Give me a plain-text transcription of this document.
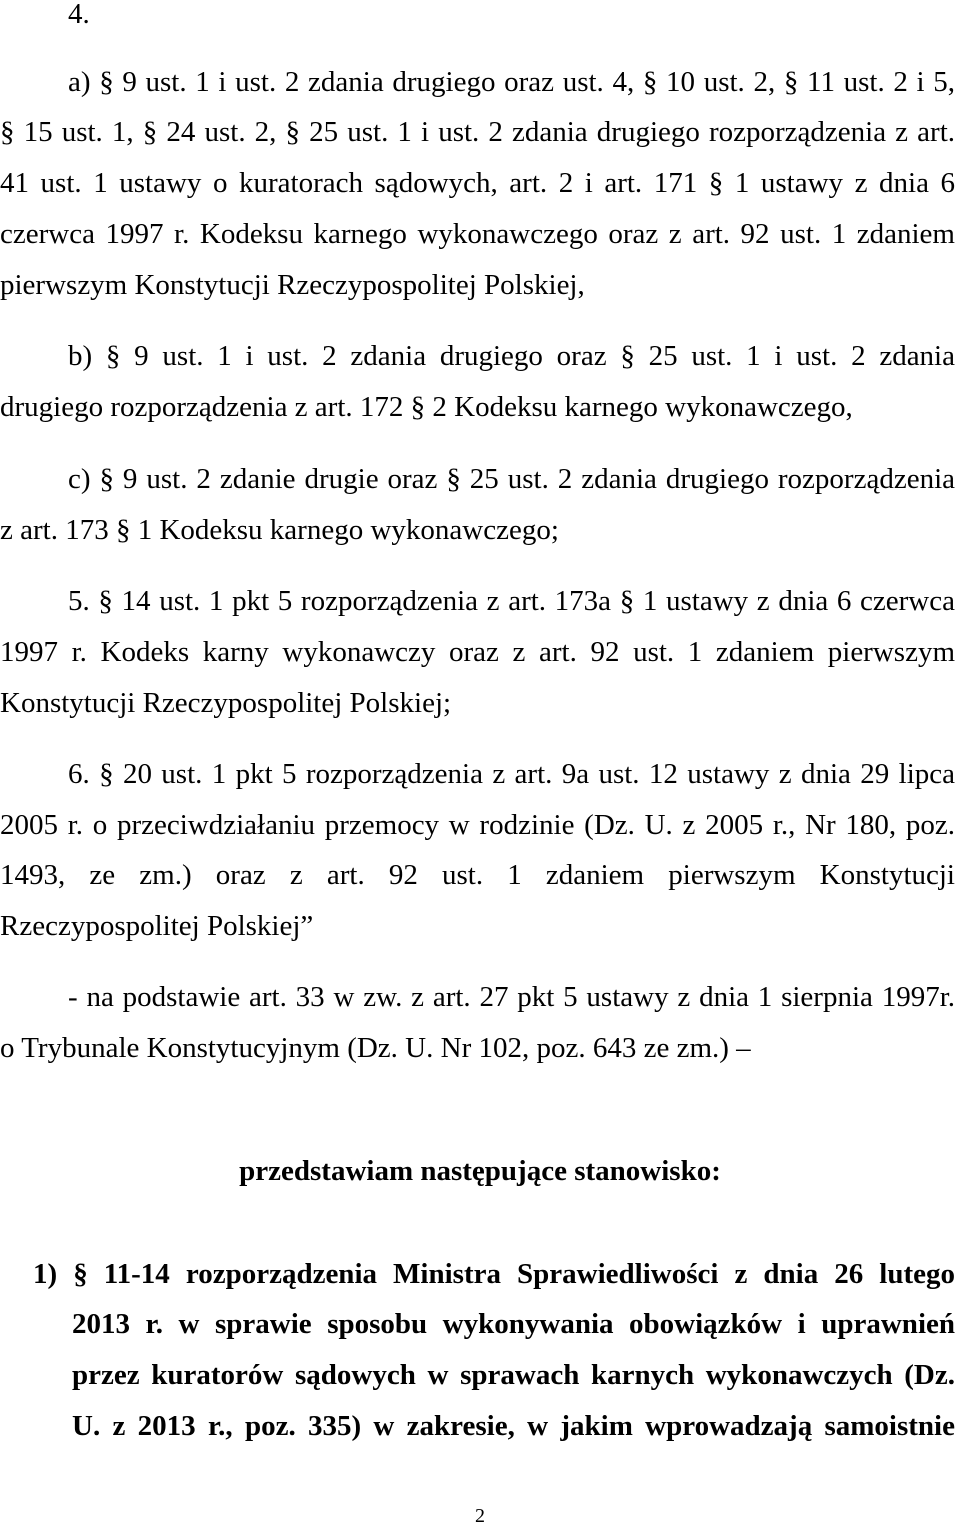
4.
a) § 9 ust. 1 i ust. 2 zdania drugiego oraz ust. 4, § 10 ust. 2, § 11 ust. 2 i 5,
§ 15 ust. 1, § 24 ust. 2, § 25 ust. 1 i ust. 2 zdania drugiego rozporządzenia z art.
41 ust. 1 ustawy o kuratorach sądowych, art. 2 i art. 171 § 1 ustawy z dnia 6
czerwca 1997 r. Kodeksu karnego wykonawczego oraz z art. 92 ust. 1 zdaniem
pierwszym Konstytucji Rzeczypospolitej Polskiej,
b) § 9 ust. 1 i ust. 2 zdania drugiego oraz § 25 ust. 1 i ust. 2 zdania
drugiego rozporządzenia z art. 172 § 2 Kodeksu karnego wykonawczego,
c) § 9 ust. 2 zdanie drugie oraz § 25 ust. 2 zdania drugiego rozporządzenia
z art. 173 § 1 Kodeksu karnego wykonawczego;
5. § 14 ust. 1 pkt 5 rozporządzenia z art. 173a § 1 ustawy z dnia 6 czerwca
1997 r. Kodeks karny wykonawczy oraz z art. 92 ust. 1 zdaniem pierwszym
Konstytucji Rzeczypospolitej Polskiej;
6. § 20 ust. 1 pkt 5 rozporządzenia z art. 9a ust. 12 ustawy z dnia 29 lipca
2005 r. o przeciwdziałaniu przemocy w rodzinie (Dz. U. z 2005 r., Nr 180, poz.
1493, ze zm.) oraz z art. 92 ust. 1 zdaniem pierwszym Konstytucji
Rzeczypospolitej Polskiej”
- na podstawie art. 33 w zw. z art. 27 pkt 5 ustawy z dnia 1 sierpnia 1997r.
o Trybunale Konstytucyjnym (Dz. U. Nr 102, poz. 643 ze zm.) –
przedstawiam następujące stanowisko:
1) § 11-14 rozporządzenia Ministra Sprawiedliwości z dnia 26 lutego
2013 r. w sprawie sposobu wykonywania obowiązków i uprawnień
przez kuratorów sądowych w sprawach karnych wykonawczych (Dz.
U. z 2013 r., poz. 335) w zakresie, w jakim wprowadzają samoistnie
2
